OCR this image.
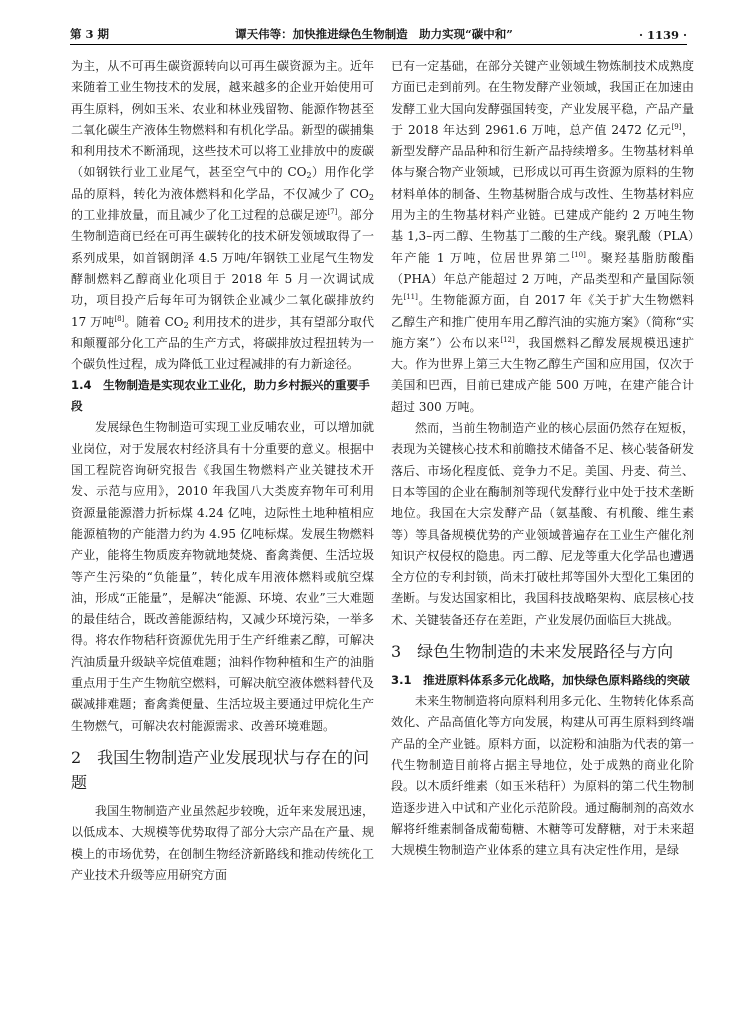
第 3 期	谭天伟等：加快推进绿色生物制造　助力实现“碳中和”	· 1139 ·

为主，从不可再生碳资源转向以可再生碳资源为主。近年来随着工业生物技术的发展，越来越多的企业开始使用可再生原料，例如玉米、农业和林业残留物、能源作物甚至二氧化碳生产液体生物燃料和有机化学品。新型的碳捕集和利用技术不断涌现，这些技术可以将工业排放中的废碳（如钢铁行业工业尾气，甚至空气中的 $CO_2$）用作化学品的原料，转化为液体燃料和化学品，不仅减少了 $CO_2$ 的工业排放量，而且减少了化工过程的总碳足迹[7]。部分生物制造商已经在可再生碳转化的技术研发领域取得了一系列成果，如首钢朗泽 4.5 万吨/年钢铁工业尾气生物发酵制燃料乙醇商业化项目于 2018 年 5 月一次调试成功，项目投产后每年可为钢铁企业减少二氧化碳排放约 17 万吨[8]。随着 $CO_2$ 利用技术的进步，其有望部分取代和颠覆部分化工产品的生产方式，将碳排放过程扭转为一个碳负性过程，成为降低工业过程减排的有力新途径。

1.4　生物制造是实现农业工业化，助力乡村振兴的重要手段

发展绿色生物制造可实现工业反哺农业，可以增加就业岗位，对于发展农村经济具有十分重要的意义。根据中国工程院咨询研究报告《我国生物燃料产业关键技术开发、示范与应用》，2010 年我国八大类废弃物年可利用资源量能源潜力折标煤 4.24 亿吨，边际性土地种植相应能源植物的产能潜力约为 4.95 亿吨标煤。发展生物燃料产业，能将生物质废弃物就地焚烧、畜禽粪便、生活垃圾等产生污染的“负能量”，转化成车用液体燃料或航空煤油，形成“正能量”，是解决“能源、环境、农业”三大难题的最佳结合，既改善能源结构，又减少环境污染，一举多得。将农作物秸秆资源优先用于生产纤维素乙醇，可解决汽油质量升级缺辛烷值难题；油料作物种植和生产的油脂重点用于生产生物航空燃料，可解决航空液体燃料替代及碳减排难题；畜禽粪便量、生活垃圾主要通过甲烷化生产生物燃气，可解决农村能源需求、改善环境难题。

2　我国生物制造产业发展现状与存在的问题

我国生物制造产业虽然起步较晚，近年来发展迅速，以低成本、大规模等优势取得了部分大宗产品在产量、规模上的市场优势，在创制生物经济新路线和推动传统化工产业技术升级等应用研究方面

已有一定基础，在部分关键产业领域生物炼制技术成熟度方面已走到前列。在生物发酵产业领域，我国正在加速由发酵工业大国向发酵强国转变，产业发展平稳，产品产量于 2018 年达到 2961.6 万吨，总产值 2472 亿元[9]，新型发酵产品品种和衍生新产品持续增多。生物基材料单体与聚合物产业领域，已形成以可再生资源为原料的生物材料单体的制备、生物基树脂合成与改性、生物基材料应用为主的生物基材料产业链。已建成产能约 2 万吨生物基 1,3–丙二醇、生物基丁二酸的生产线。聚乳酸（PLA）年产能 1 万吨，位居世界第二[10]。聚羟基脂肪酸酯（PHA）年总产能超过 2 万吨，产品类型和产量国际领先[11]。生物能源方面，自 2017 年《关于扩大生物燃料乙醇生产和推广使用车用乙醇汽油的实施方案》（简称“实施方案”）公布以来[12]，我国燃料乙醇发展规模迅速扩大。作为世界上第三大生物乙醇生产国和应用国，仅次于美国和巴西，目前已建成产能 500 万吨，在建产能合计超过 300 万吨。

然而，当前生物制造产业的核心层面仍然存在短板，表现为关键核心技术和前瞻技术储备不足、核心装备研发落后、市场化程度低、竞争力不足。美国、丹麦、荷兰、日本等国的企业在酶制剂等现代发酵行业中处于技术垄断地位。我国在大宗发酵产品（氨基酸、有机酸、维生素等）等具备规模优势的产业领域普遍存在工业生产催化剂知识产权侵权的隐患。丙二醇、尼龙等重大化学品也遭遇全方位的专利封锁，尚未打破杜邦等国外大型化工集团的垄断。与发达国家相比，我国科技战略架构、底层核心技术、关键装备还存在差距，产业发展仍面临巨大挑战。

3　绿色生物制造的未来发展路径与方向
3.1　推进原料体系多元化战略，加快绿色原料路线的突破

未来生物制造将向原料利用多元化、生物转化体系高效化、产品高值化等方向发展，构建从可再生原料到终端产品的全产业链。原料方面，以淀粉和油脂为代表的第一代生物制造目前将占据主导地位，处于成熟的商业化阶段。以木质纤维素（如玉米秸秆）为原料的第二代生物制造逐步进入中试和产业化示范阶段。通过酶制剂的高效水解将纤维素制备成葡萄糖、木糖等可发酵糖，对于未来超大规模生物制造产业体系的建立具有决定性作用，是绿
